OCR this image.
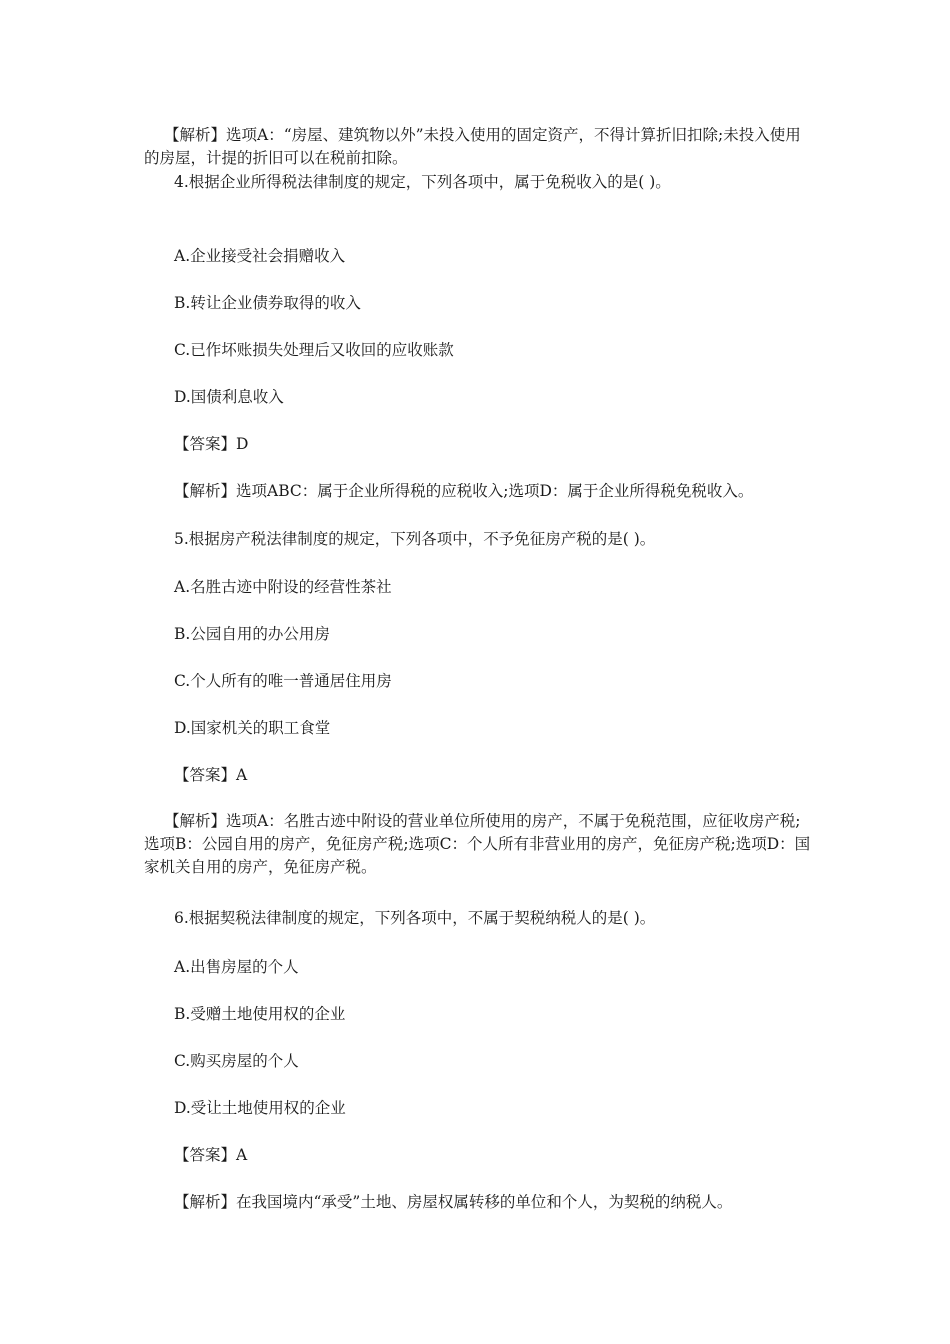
【解析】选项A：“房屋、建筑物以外”未投入使用的固定资产，不得计算折旧扣除;未投入使用的房屋，计提的折旧可以在税前扣除。

4.根据企业所得税法律制度的规定，下列各项中，属于免税收入的是( )。

A.企业接受社会捐赠收入

B.转让企业债券取得的收入

C.已作坏账损失处理后又收回的应收账款

D.国债利息收入

【答案】D

【解析】选项ABC：属于企业所得税的应税收入;选项D：属于企业所得税免税收入。

5.根据房产税法律制度的规定，下列各项中，不予免征房产税的是( )。

A.名胜古迹中附设的经营性茶社

B.公园自用的办公用房

C.个人所有的唯一普通居住用房

D.国家机关的职工食堂

【答案】A

【解析】选项A：名胜古迹中附设的营业单位所使用的房产，不属于免税范围，应征收房产税;选项B：公园自用的房产，免征房产税;选项C：个人所有非营业用的房产，免征房产税;选项D：国家机关自用的房产，免征房产税。

6.根据契税法律制度的规定，下列各项中，不属于契税纳税人的是( )。

A.出售房屋的个人

B.受赠土地使用权的企业

C.购买房屋的个人

D.受让土地使用权的企业

【答案】A

【解析】在我国境内“承受”土地、房屋权属转移的单位和个人，为契税的纳税人。
